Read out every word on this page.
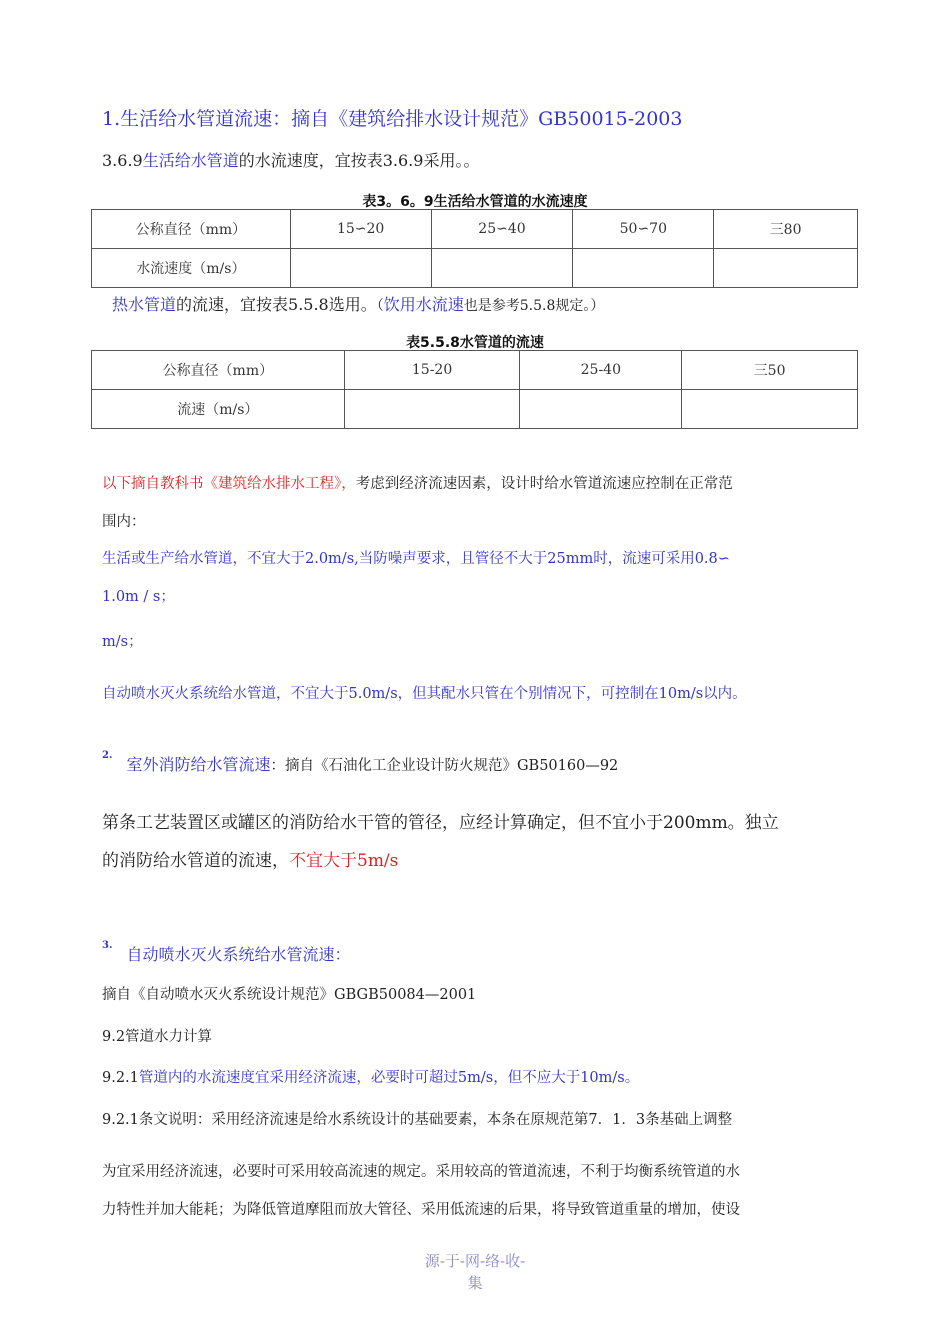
1.生活给水管道流速：摘自《建筑给排水设计规范》GB50015-2003
3.6.9生活给水管道的水流速度，宜按表3.6.9采用。。
表3。6。9生活给水管道的水流速度
公称直径（mm）	15∽20	25∽40	50∽70	三80
水流速度（m/s）				
热水管道的流速，宜按表5.5.8选用。（饮用水流速也是参考5.5.8规定。）
表5.5.8水管道的流速
公称直径（mm）	15-20	25-40	三50
流速（m/s）			
以下摘自教科书《建筑给水排水工程》，考虑到经济流速因素，设计时给水管道流速应控制在正常范
围内：
生活或生产给水管道，不宜大于2.0m/s,当防噪声要求，且管径不大于25mm时，流速可采用0.8∽
1.0m / s；
m/s；
自动喷水灭火系统给水管道，不宜大于5.0m/s，但其配水只管在个别情况下，可控制在10m/s以内。
$^{2.}$ 室外消防给水管流速：摘自《石油化工企业设计防火规范》GB50160—92
第条工艺装置区或罐区的消防给水干管的管径，应经计算确定，但不宜小于200mm。独立
的消防给水管道的流速，不宜大于5m/s
$^{3.}$ 自动喷水灭火系统给水管流速：
摘自《自动喷水灭火系统设计规范》GBGB50084—2001
9.2管道水力计算
9.2.1管道内的水流速度宜采用经济流速，必要时可超过5m/s，但不应大于10m/s。
9.2.1条文说明：采用经济流速是给水系统设计的基础要素，本条在原规范第7．1．3条基础上调整
为宜采用经济流速，必要时可采用较高流速的规定。采用较高的管道流速，不利于均衡系统管道的水
力特性并加大能耗；为降低管道摩阻而放大管径、采用低流速的后果，将导致管道重量的增加，使设
源-于-网-络-收-
集
